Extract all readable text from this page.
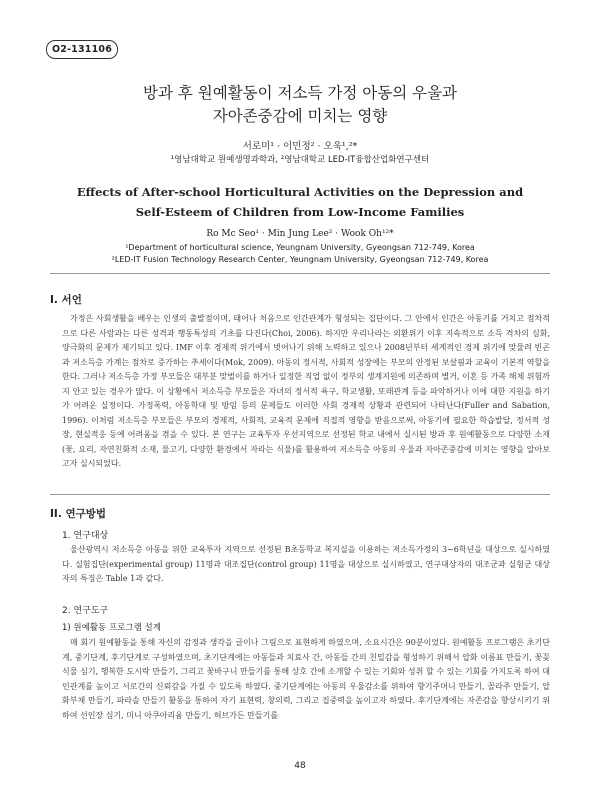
O2-131106
방과 후 원예활동이 저소득 가정 아동의 우울과
자아존중감에 미치는 영향
서로미¹ · 이민정² · 오욱¹,²*
¹영남대학교 원예생명과학과, ²영남대학교 LED-IT융합산업화연구센터
Effects of After-school Horticultural Activities on the Depression and
Self-Esteem of Children from Low-Income Families
Ro Mc Seo¹ · Min Jung Lee² · Wook Oh¹²*
¹Department of horticultural science, Yeungnam University, Gyeongsan 712-749, Korea
²LED-IT Fusion Technology Research Center, Yeungnam University, Gyeongsan 712-749, Korea
I. 서언

가정은 사회생활을 배우는 인생의 출발점이며, 태어나 처음으로 인간관계가 형성되는 집단이다. 그 안에서 인간은 아동기를 거치고 점차적으로 다른 사람과는 다른 성격과 행동특성의 기초를 다진다(Choi, 2006). 하지만 우리나라는 외환위기 이후 지속적으로 소득 격차의 심화, 양극화의 문제가 제기되고 있다. IMF 이후 경제적 위기에서 벗어나기 위해 노력하고 있으나 2008년부터 세계적인 경제 위기에 맞물려 빈곤과 저소득층 가계는 점차로 증가하는 추세이다(Mok, 2009). 아동의 정서적, 사회적 성장에는 부모의 안정된 보살핌과 교육이 기본적 역할을 한다. 그러나 저소득층 가정 부모들은 대부분 맞벌이를 하거나 일정한 직업 없이 정부의 생계지원에 의존하며 별거, 이혼 등 가족 해체 위험까지 안고 있는 경우가 많다. 이 상황에서 저소득층 부모들은 자녀의 정서적 욕구, 학교생활, 또래관계 등을 파악하거나 이에 대한 지원을 하기가 어려운 실정이다. 가정폭력, 아동학대 및 방임 등의 문제들도 이러한 사회 경제적 상황과 관련되어 나타난다(Fuller and Sabation, 1996). 이처럼 저소득층 부모들은 부모의 경제적, 사회적, 교육적 문제에 직접적 영향을 받음으로써, 아동기에 필요한 학습발달, 정서적 성장, 현실적응 등에 어려움을 겪을 수 있다. 본 연구는 교육투자 우선지역으로 선정된 학교 내에서 실시된 방과 후 원예활동으로 다양한 소재(꽃, 요리, 자연친화적 소재, 물고기, 다양한 환경에서 자라는 식물)를 활용하여 저소득층 아동의 우울과 자아존중감에 미치는 영향을 알아보고자 실시되었다.

II. 연구방법
1. 연구대상

울산광역시 저소득층 아동을 위한 교육투자 지역으로 선정된 B초등학교 복지실을 이용하는 저소득가정의 3~6학년을 대상으로 실시하였다. 실험집단(experimental group) 11명과 대조집단(control group) 11명을 대상으로 실시하였고, 연구대상자의 대조군과 실험군 대상자의 특징은 Table 1과 같다.

2. 연구도구
1) 원예활동 프로그램 설계

매 회기 원예활동을 통해 자신의 감정과 생각을 글이나 그림으로 표현하게 하였으며, 소요시간은 90분이었다. 원예활동 프로그램은 초기단계, 중기단계, 후기단계로 구성하였으며, 초기단계에는 아동들과 치료사 간, 아동들 간의 친밀감을 형성하기 위해서 압화 이름표 만들기, 꽃꽂식물 심기, 행복한 도시락 만들기, 그리고 꽃바구니 만들기를 통해 상호 간에 소개할 수 있는 기회와 성취 할 수 있는 기회를 가지도록 하여 대인관계를 높이고 서로간의 신뢰감을 가질 수 있도록 하였다. 중기단계에는 아동의 우울감소를 위하여 향기주머니 만들기, 꼴라주 만들기, 압화부채 만들기, 파라솔 만들기 활동을 통하여 자기 표현력, 창의력, 그리고 집중력을 높이고자 하였다. 후기단계에는 자존감을 향상시키기 위하여 선인장 심기, 미니 아쿠아리움 만들기, 허브가든 만들기를

48
